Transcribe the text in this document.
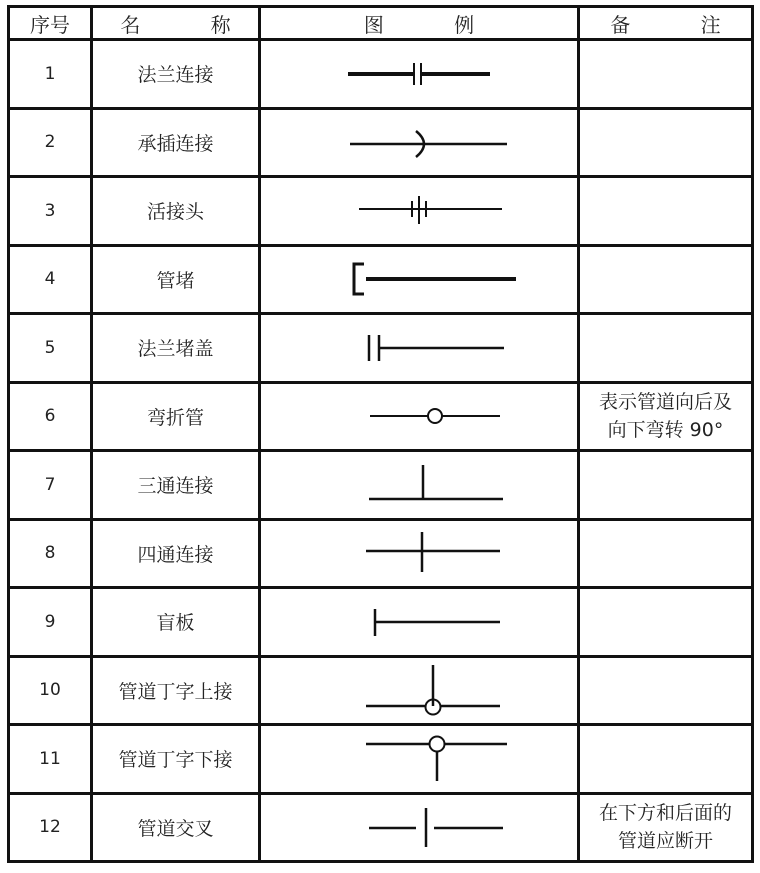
序号	名 称	图 例	备 注
1	法兰连接	

2	承插连接	

3	活接头	

4	管堵	

5	法兰堵盖	

6	弯折管		表示管道向后及
向下弯转 90°

7	三通连接	

8	四通连接	

9	盲板	

10	管道丁字上接	

11	管道丁字下接	

12	管道交叉		在下方和后面的
管道应断开
